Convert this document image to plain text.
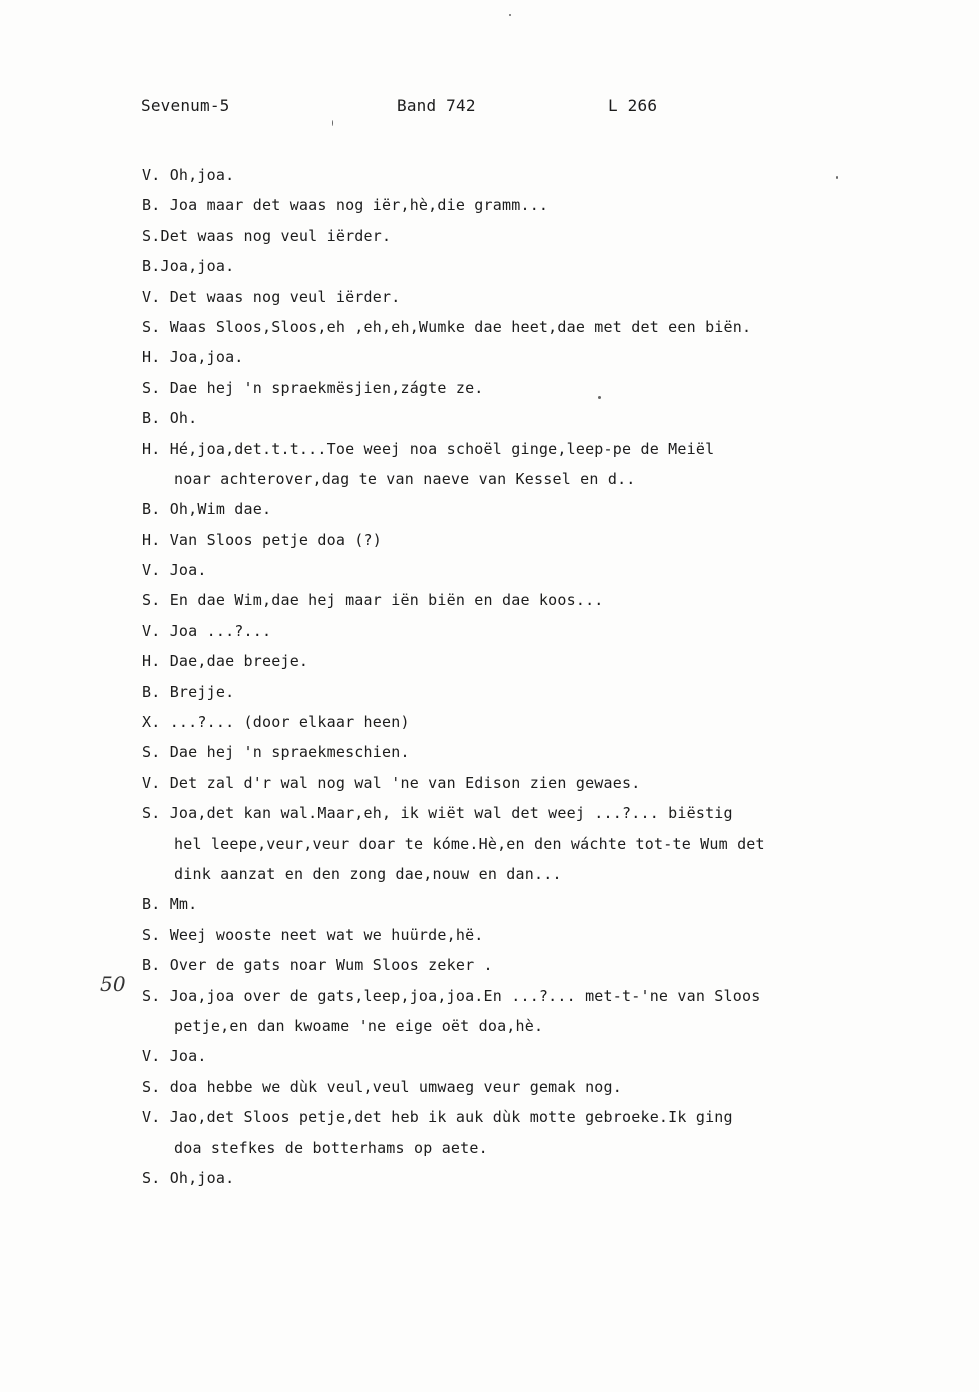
Sevenum-5	Band 742	L 266
50
V. Oh,joa.
B. Joa maar det waas nog iër,hè,die gramm...
S.Det waas nog veul iërder.
B.Joa,joa.
V. Det waas nog veul iërder.
S. Waas Sloos,Sloos,eh ,eh,eh,Wumke dae heet,dae met det een biën.
H. Joa,joa.
S. Dae hej 'n spraekmësjien,zágte ze.
B. Oh.
H. Hé,joa,det.t.t...Toe weej noa schoël ginge,leep-pe de Meiël
noar achterover,dag te van naeve van Kessel en d..
B. Oh,Wim dae.
H. Van Sloos petje doa (?)
V. Joa.
S. En dae Wim,dae hej maar iën biën en dae koos...
V. Joa ...?...
H. Dae,dae breeje.
B. Brejje.
X. ...?... (door elkaar heen)
S. Dae hej 'n spraekmeschien.
V. Det zal d'r wal nog wal 'ne van Edison zien gewaes.
S. Joa,det kan wal.Maar,eh, ik wiët wal det weej ...?... biëstig
hel leepe,veur,veur doar te kóme.Hè,en den wáchte tot-te Wum det
dink aanzat en den zong dae,nouw en dan...
B. Mm.
S. Weej wooste neet wat we huürde,hë.
B. Over de gats noar Wum Sloos zeker .
S. Joa,joa over de gats,leep,joa,joa.En ...?... met-t-'ne van Sloos
petje,en dan kwoame 'ne eige oët doa,hè.
V. Joa.
S. doa hebbe we dùk veul,veul umwaeg veur gemak nog.
V. Jao,det Sloos petje,det heb ik auk dùk motte gebroeke.Ik ging
doa stefkes de botterhams op aete.
S. Oh,joa.
